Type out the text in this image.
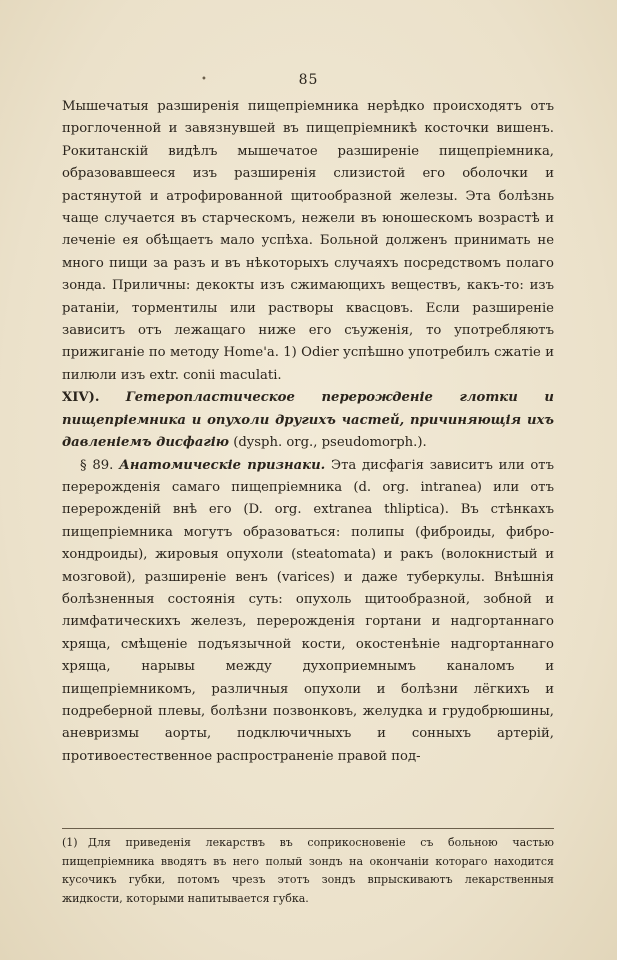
•	85

Мышечатыя разширенія пищепріемника нерѣдко происходятъ отъ проглоченной и завязнувшей въ пищепріемникѣ косточки вишенъ. Рокитанскій видѣлъ мышечатое разширеніе пищепріемника, образовавшееся изъ разширенія слизистой его оболочки и растянутой и атрофированной щитообразной железы. Эта болѣзнь чаще случается въ старческомъ, нежели въ юношескомъ возрастѣ и леченіе ея обѣщаетъ мало успѣха. Больной долженъ принимать не много пищи за разъ и въ нѣкоторыхъ случаяхъ посредствомъ полаго зонда. Приличны: декокты изъ сжимающихъ веществъ, какъ-то: изъ ратаніи, торментилы или растворы квасцовъ. Если разширеніе зависитъ отъ лежащаго ниже его съуженія, то употребляютъ прижиганіе по методу Home'а. 1) Odier успѣшно употребилъ сжатіе и пилюли изъ extr. conii maculati.

XIV). Гетеропластическое перерожденіе глотки и пищепріемника и опухоли другихъ частей, причиняющія ихъ давленіемъ дисфагію (dysph. org., pseudomorph.).

§ 89. Анатомическіе признаки. Эта дисфагія зависитъ или отъ перерожденія самаго пищепріемника (d. org. intranea) или отъ перерожденій внѣ его (D. org. extranea thliptica). Въ стѣнкахъ пищепріемника могутъ образоваться: полипы (фиброиды, фибро-хондроиды), жировыя опухоли (steatomata) и ракъ (волокнистый и мозговой), разширеніе венъ (varices) и даже туберкулы. Внѣшнія болѣзненныя состоянія суть: опухоль щитообразной, зобной и лимфатическихъ железъ, перерожденія гортани и надгортаннаго хряща, смѣщеніе подъязычной кости, окостенѣніе надгортаннаго хряща, нарывы между духоприемнымъ каналомъ и пищепріемникомъ, различныя опухоли и болѣзни лёгкихъ и подреберной плевы, болѣзни позвонковъ, желудка и грудобрюшины, аневризмы аорты, подключичныхъ и сонныхъ артерій, противоестественное распространеніе правой под-

(1) Для приведенія лекарствъ въ соприкосновеніе съ больною частью пищепріемника вводятъ въ него полый зондъ на окончаніи котораго находится кусочикъ губки, потомъ чрезъ этотъ зондъ впрыскиваютъ лекарственныя жидкости, которыми напитывается губка.
